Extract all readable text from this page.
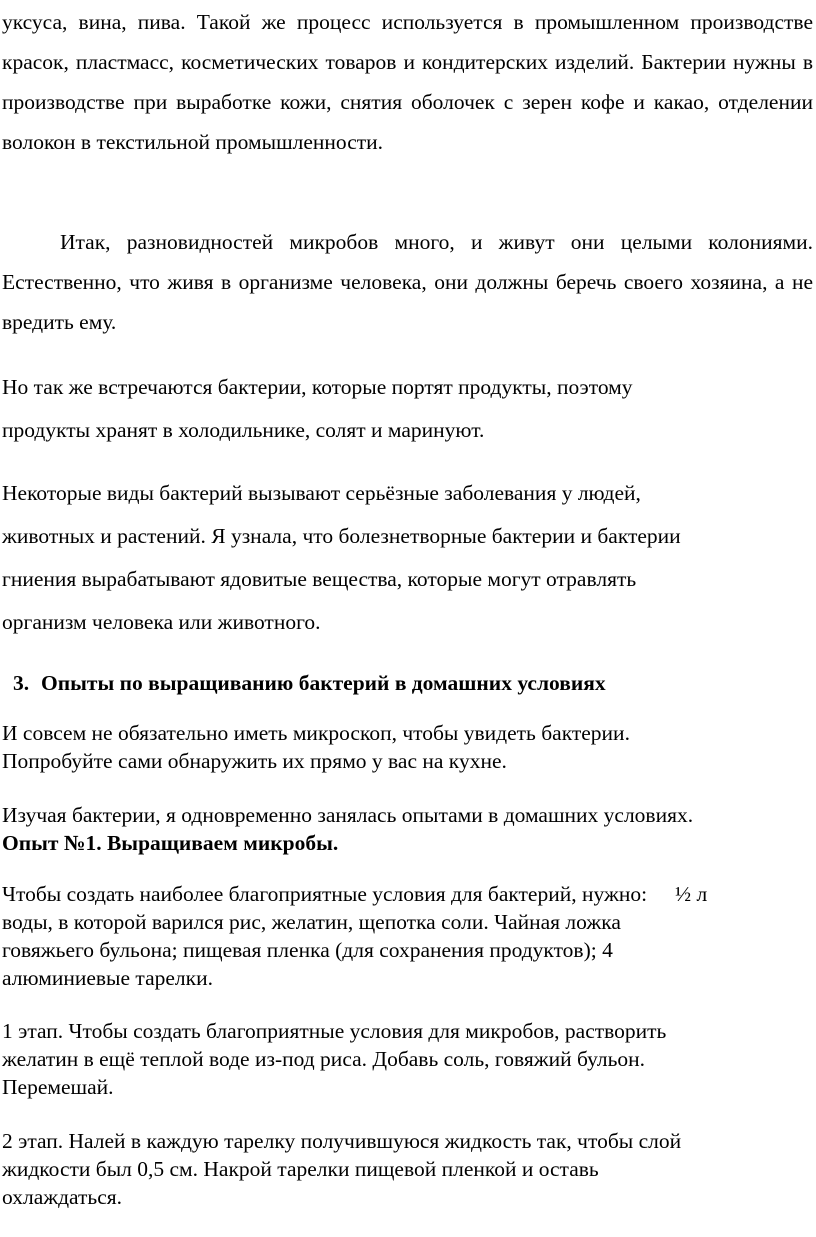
уксуса, вина, пива. Такой же процесс используется в промышленном производстве красок, пластмасс, косметических товаров и кондитерских изделий. Бактерии нужны в производстве при выработке кожи, снятия оболочек с зерен кофе и какао, отделении волокон в текстильной промышленности.

Итак, разновидностей микробов много, и живут они целыми колониями. Естественно, что живя в организме человека, они должны беречь своего хозяина, а не вредить ему.

Но так же встречаются бактерии, которые портят продукты, поэтому
продукты хранят в холодильнике, солят и маринуют.
Некоторые виды бактерий вызывают серьёзные заболевания у людей,
животных и растений. Я узнала, что болезнетворные бактерии и бактерии
гниения вырабатывают ядовитые вещества, которые могут отравлять
организм человека или животного.
3. Опыты по выращиванию бактерий в домашних условиях
И совсем не обязательно иметь микроскоп, чтобы увидеть бактерии.
Попробуйте сами обнаружить их прямо у вас на кухне.
Изучая бактерии, я одновременно занялась опытами в домашних условиях.
Опыт №1. Выращиваем микробы.
Чтобы создать наиболее благоприятные условия для бактерий, нужно: ½ л
воды, в которой варился рис, желатин, щепотка соли. Чайная ложка
говяжьего бульона; пищевая пленка (для сохранения продуктов); 4
алюминиевые тарелки.
1 этап. Чтобы создать благоприятные условия для микробов, растворить
желатин в ещё теплой воде из-под риса. Добавь соль, говяжий бульон.
Перемешай.
2 этап. Налей в каждую тарелку получившуюся жидкость так, чтобы слой
жидкости был 0,5 см. Накрой тарелки пищевой пленкой и оставь
охлаждаться.
